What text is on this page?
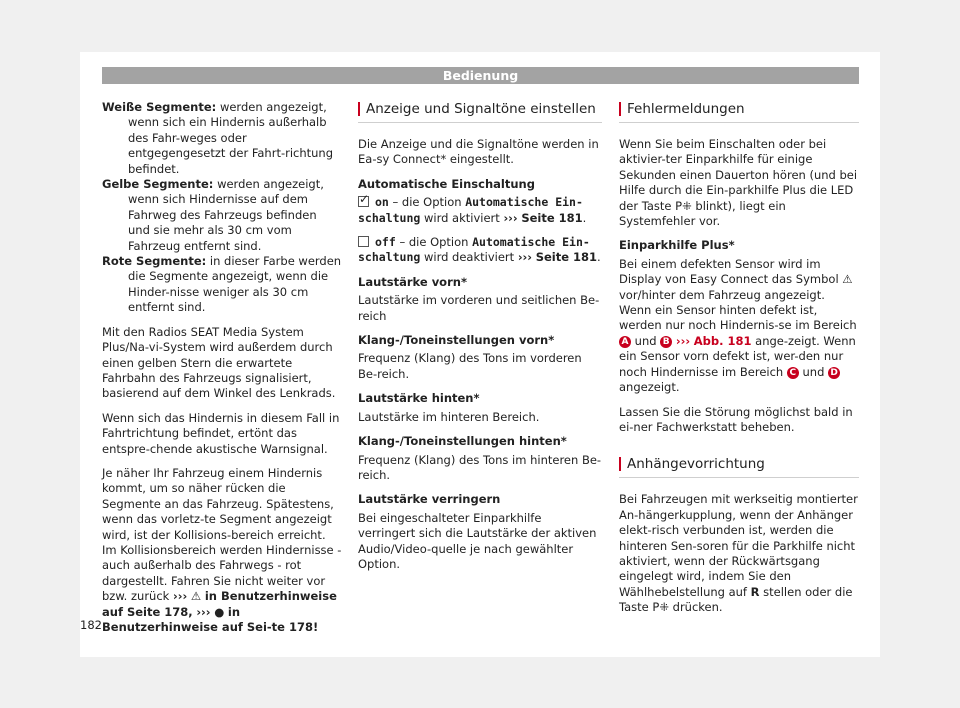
Bedienung

Weiße Segmente: werden angezeigt, wenn sich ein Hindernis außerhalb des Fahr-weges oder entgegengesetzt der Fahrt-richtung befindet.

Gelbe Segmente: werden angezeigt, wenn sich Hindernisse auf dem Fahrweg des Fahrzeugs befinden und sie mehr als 30 cm vom Fahrzeug entfernt sind.

Rote Segmente: in dieser Farbe werden die Segmente angezeigt, wenn die Hinder-nisse weniger als 30 cm entfernt sind.

Mit den Radios SEAT Media System Plus/Na-vi-System wird außerdem durch einen gelben Stern die erwartete Fahrbahn des Fahrzeugs signalisiert, basierend auf dem Winkel des Lenkrads.

Wenn sich das Hindernis in diesem Fall in Fahrtrichtung befindet, ertönt das entspre-chende akustische Warnsignal.

Je näher Ihr Fahrzeug einem Hindernis kommt, um so näher rücken die Segmente an das Fahrzeug. Spätestens, wenn das vorletz-te Segment angezeigt wird, ist der Kollisions-bereich erreicht. Im Kollisionsbereich werden Hindernisse - auch außerhalb des Fahrwegs - rot dargestellt. Fahren Sie nicht weiter vor bzw. zurück ››› ⚠ in Benutzerhinweise auf Seite 178, ››› ● in Benutzerhinweise auf Sei-te 178!

Anzeige und Signaltöne einstellen

Die Anzeige und die Signaltöne werden in Ea-sy Connect* eingestellt.

Automatische Einschaltung

✓on – die Option Automatische Ein-schaltung wird aktiviert ››› Seite 181.

off – die Option Automatische Ein-schaltung wird deaktiviert ››› Seite 181.

Lautstärke vorn*

Lautstärke im vorderen und seitlichen Be-reich

Klang-/Toneinstellungen vorn*

Frequenz (Klang) des Tons im vorderen Be-reich.

Lautstärke hinten*

Lautstärke im hinteren Bereich.

Klang-/Toneinstellungen hinten*

Frequenz (Klang) des Tons im hinteren Be-reich.

Lautstärke verringern

Bei eingeschalteter Einparkhilfe verringert sich die Lautstärke der aktiven Audio/Video-quelle je nach gewählter Option.

Fehlermeldungen

Wenn Sie beim Einschalten oder bei aktivier-ter Einparkhilfe für einige Sekunden einen Dauerton hören (und bei Hilfe durch die Ein-parkhilfe Plus die LED der Taste P⁜ blinkt), liegt ein Systemfehler vor.

Einparkhilfe Plus*

Bei einem defekten Sensor wird im Display von Easy Connect das Symbol ⚠ vor/hinter dem Fahrzeug angezeigt. Wenn ein Sensor hinten defekt ist, werden nur noch Hindernis-se im Bereich A und B ››› Abb. 181 ange-zeigt. Wenn ein Sensor vorn defekt ist, wer-den nur noch Hindernisse im Bereich C und D angezeigt.

Lassen Sie die Störung möglichst bald in ei-ner Fachwerkstatt beheben.

Anhängevorrichtung

Bei Fahrzeugen mit werkseitig montierter An-hängerkupplung, wenn der Anhänger elekt-risch verbunden ist, werden die hinteren Sen-soren für die Parkhilfe nicht aktiviert, wenn der Rückwärtsgang eingelegt wird, indem Sie den Wählhebelstellung auf R stellen oder die Taste P⁜ drücken.

182
